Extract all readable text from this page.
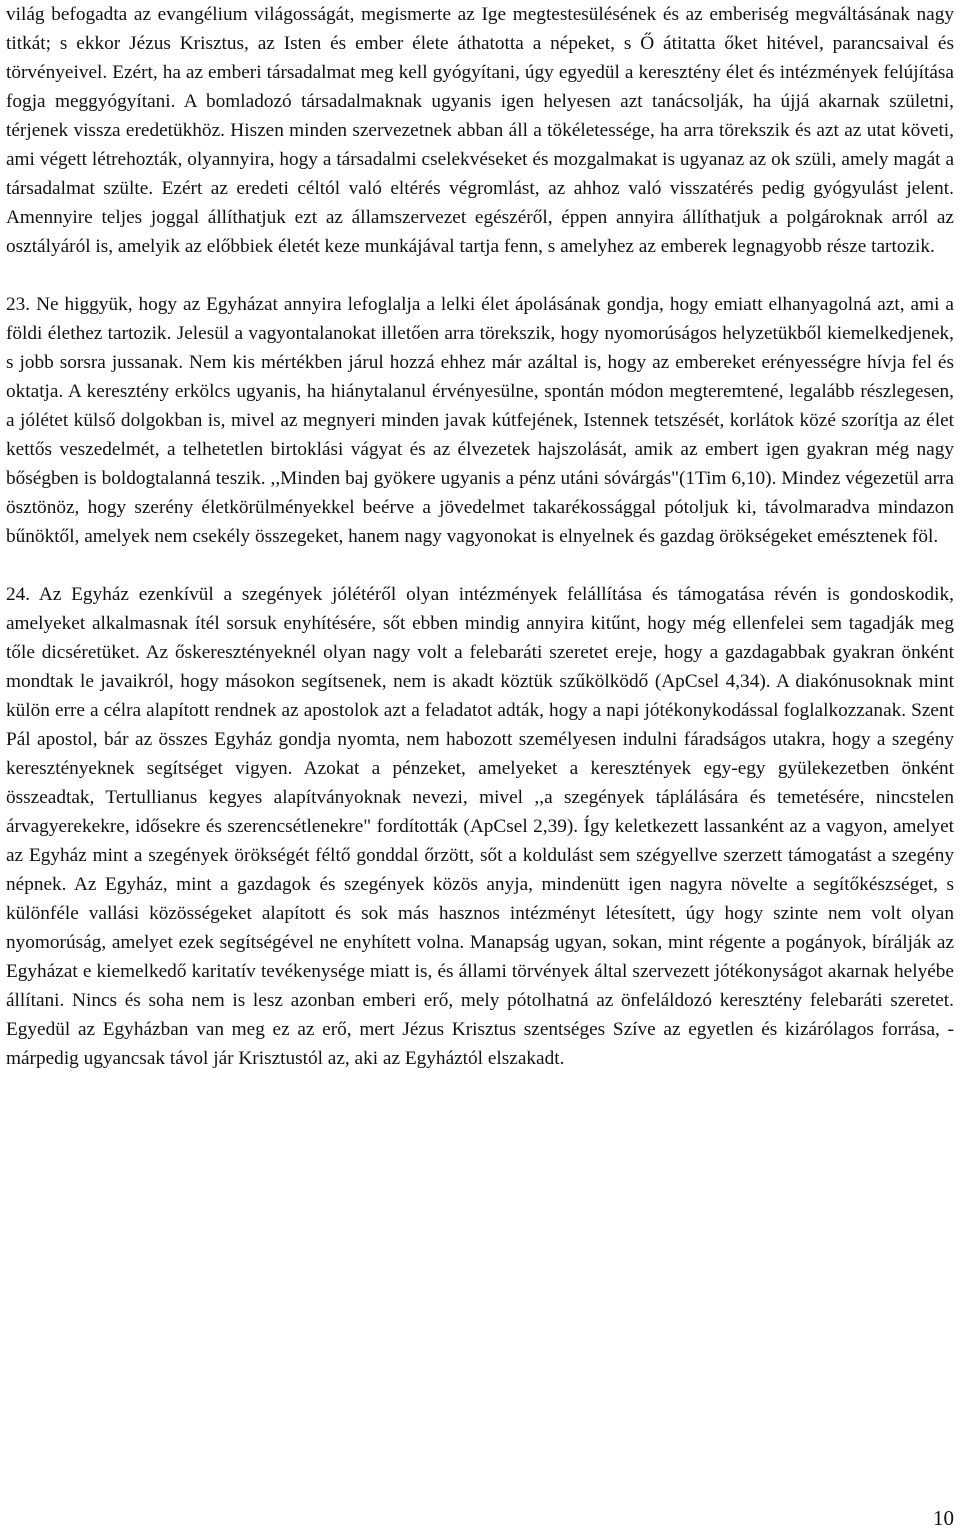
világ befogadta az evangélium világosságát, megismerte az Ige megtestesülésének és az emberiség megváltásának nagy titkát; s ekkor Jézus Krisztus, az Isten és ember élete áthatotta a népeket, s Ő átitatta őket hitével, parancsaival és törvényeivel. Ezért, ha az emberi társadalmat meg kell gyógyítani, úgy egyedül a keresztény élet és intézmények felújítása fogja meggyógyítani. A bomladozó társadalmaknak ugyanis igen helyesen azt tanácsolják, ha újjá akarnak születni, térjenek vissza eredetükhöz. Hiszen minden szervezetnek abban áll a tökéletessége, ha arra törekszik és azt az utat követi, ami végett létrehozták, olyannyira, hogy a társadalmi cselekvéseket és mozgalmakat is ugyanaz az ok szüli, amely magát a társadalmat szülte. Ezért az eredeti céltól való eltérés végromlást, az ahhoz való visszatérés pedig gyógyulást jelent. Amennyire teljes joggal állíthatjuk ezt az államszervezet egészéről, éppen annyira állíthatjuk a polgároknak arról az osztályáról is, amelyik az előbbiek életét keze munkájával tartja fenn, s amelyhez az emberek legnagyobb része tartozik.

23. Ne higgyük, hogy az Egyházat annyira lefoglalja a lelki élet ápolásának gondja, hogy emiatt elhanyagolná azt, ami a földi élethez tartozik. Jelesül a vagyontalanokat illetően arra törekszik, hogy nyomorúságos helyzetükből kiemelkedjenek, s jobb sorsra jussanak. Nem kis mértékben járul hozzá ehhez már azáltal is, hogy az embereket erényességre hívja fel és oktatja. A keresztény erkölcs ugyanis, ha hiánytalanul érvényesülne, spontán módon megteremtené, legalább részlegesen, a jólétet külső dolgokban is, mivel az megnyeri minden javak kútfejének, Istennek tetszését, korlátok közé szorítja az élet kettős veszedelmét, a telhetetlen birtoklási vágyat és az élvezetek hajszolását, amik az embert igen gyakran még nagy bőségben is boldogtalanná teszik. ,,Minden baj gyökere ugyanis a pénz utáni sóvárgás"(1Tim 6,10). Mindez végezetül arra ösztönöz, hogy szerény életkörülményekkel beérve a jövedelmet takarékossággal pótoljuk ki, távolmaradva mindazon bűnöktől, amelyek nem csekély összegeket, hanem nagy vagyonokat is elnyelnek és gazdag örökségeket emésztenek föl.

24. Az Egyház ezenkívül a szegények jólétéről olyan intézmények felállítása és támogatása révén is gondoskodik, amelyeket alkalmasnak ítél sorsuk enyhítésére, sőt ebben mindig annyira kitűnt, hogy még ellenfelei sem tagadják meg tőle dicséretüket. Az őskeresztényeknél olyan nagy volt a felebaráti szeretet ereje, hogy a gazdagabbak gyakran önként mondtak le javaikról, hogy másokon segítsenek, nem is akadt köztük szűkölködő (ApCsel 4,34). A diakónusoknak mint külön erre a célra alapított rendnek az apostolok azt a feladatot adták, hogy a napi jótékonykodással foglalkozzanak. Szent Pál apostol, bár az összes Egyház gondja nyomta, nem habozott személyesen indulni fáradságos utakra, hogy a szegény keresztényeknek segítséget vigyen. Azokat a pénzeket, amelyeket a keresztények egy-egy gyülekezetben önként összeadtak, Tertullianus kegyes alapítványoknak nevezi, mivel ,,a szegények táplálására és temetésére, nincstelen árvagyerekekre, idősekre és szerencsétlenekre" fordították (ApCsel 2,39). Így keletkezett lassanként az a vagyon, amelyet az Egyház mint a szegények örökségét féltő gonddal őrzött, sőt a koldulást sem szégyellve szerzett támogatást a szegény népnek. Az Egyház, mint a gazdagok és szegények közös anyja, mindenütt igen nagyra növelte a segítőkészséget, s különféle vallási közösségeket alapított és sok más hasznos intézményt létesített, úgy hogy szinte nem volt olyan nyomorúság, amelyet ezek segítségével ne enyhített volna. Manapság ugyan, sokan, mint régente a pogányok, bírálják az Egyházat e kiemelkedő karitatív tevékenysége miatt is, és állami törvények által szervezett jótékonyságot akarnak helyébe állítani. Nincs és soha nem is lesz azonban emberi erő, mely pótolhatná az önfeláldozó keresztény felebaráti szeretet. Egyedül az Egyházban van meg ez az erő, mert Jézus Krisztus szentséges Szíve az egyetlen és kizárólagos forrása, - márpedig ugyancsak távol jár Krisztustól az, aki az Egyháztól elszakadt.

10
